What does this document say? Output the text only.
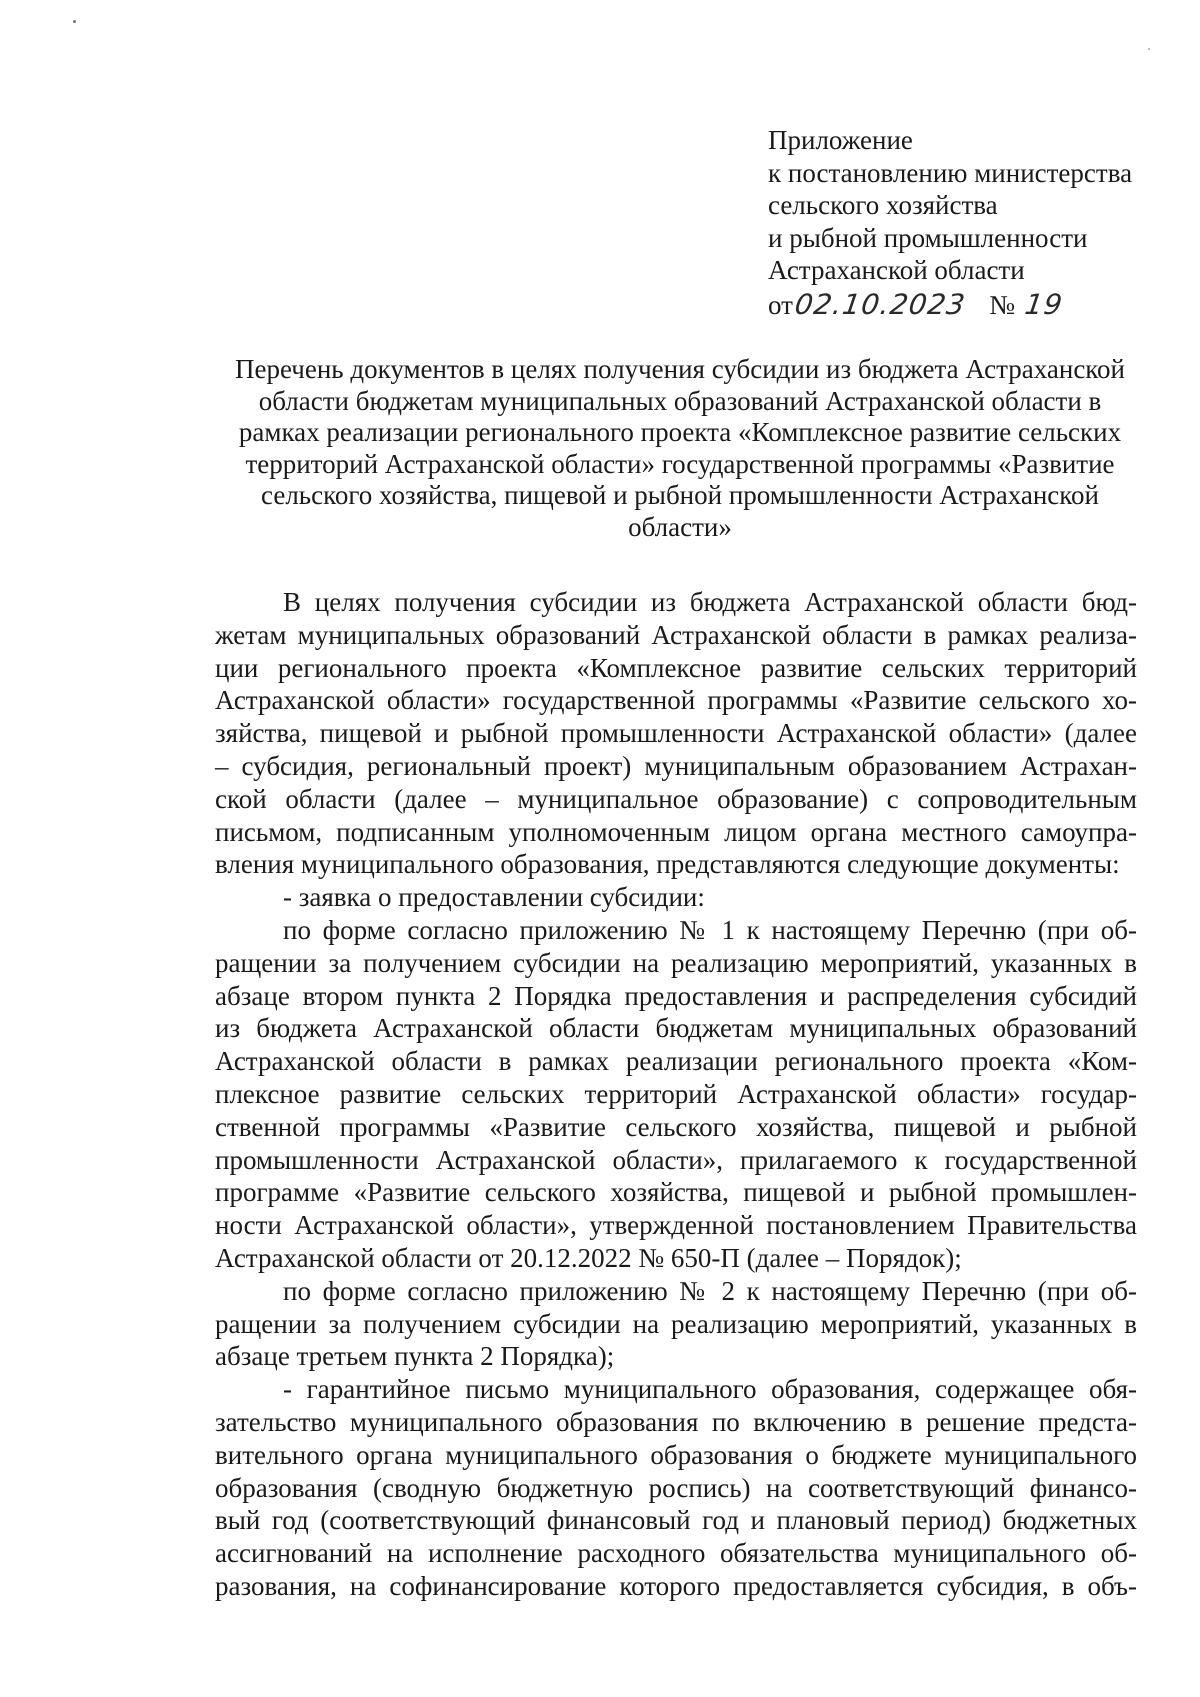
Приложение
к постановлению министерства
сельского хозяйства
и рыбной промышленности
Астраханской области
от 02.10.2023 № 19
Перечень документов в целях получения субсидии из бюджета Астраханской
области бюджетам муниципальных образований Астраханской области в
рамках реализации регионального проекта «Комплексное развитие сельских
территорий Астраханской области» государственной программы «Развитие
сельского хозяйства, пищевой и рыбной промышленности Астраханской
области»
В целях получения субсидии из бюджета Астраханской области бюд-
жетам муниципальных образований Астраханской области в рамках реализа-
ции регионального проекта «Комплексное развитие сельских территорий
Астраханской области» государственной программы «Развитие сельского хо-
зяйства, пищевой и рыбной промышленности Астраханской области» (далее
– субсидия, региональный проект) муниципальным образованием Астрахан-
ской области (далее – муниципальное образование) с сопроводительным
письмом, подписанным уполномоченным лицом органа местного самоупра-
вления муниципального образования, представляются следующие документы:
- заявка о предоставлении субсидии:
по форме согласно приложению № 1 к настоящему Перечню (при об-
ращении за получением субсидии на реализацию мероприятий, указанных в
абзаце втором пункта 2 Порядка предоставления и распределения субсидий
из бюджета Астраханской области бюджетам муниципальных образований
Астраханской области в рамках реализации регионального проекта «Ком-
плексное развитие сельских территорий Астраханской области» государ-
ственной программы «Развитие сельского хозяйства, пищевой и рыбной
промышленности Астраханской области», прилагаемого к государственной
программе «Развитие сельского хозяйства, пищевой и рыбной промышлен-
ности Астраханской области», утвержденной постановлением Правительства
Астраханской области от 20.12.2022 № 650-П (далее – Порядок);
по форме согласно приложению № 2 к настоящему Перечню (при об-
ращении за получением субсидии на реализацию мероприятий, указанных в
абзаце третьем пункта 2 Порядка);
- гарантийное письмо муниципального образования, содержащее обя-
зательство муниципального образования по включению в решение предста-
вительного органа муниципального образования о бюджете муниципального
образования (сводную бюджетную роспись) на соответствующий финансо-
вый год (соответствующий финансовый год и плановый период) бюджетных
ассигнований на исполнение расходного обязательства муниципального об-
разования, на софинансирование которого предоставляется субсидия, в объ-
